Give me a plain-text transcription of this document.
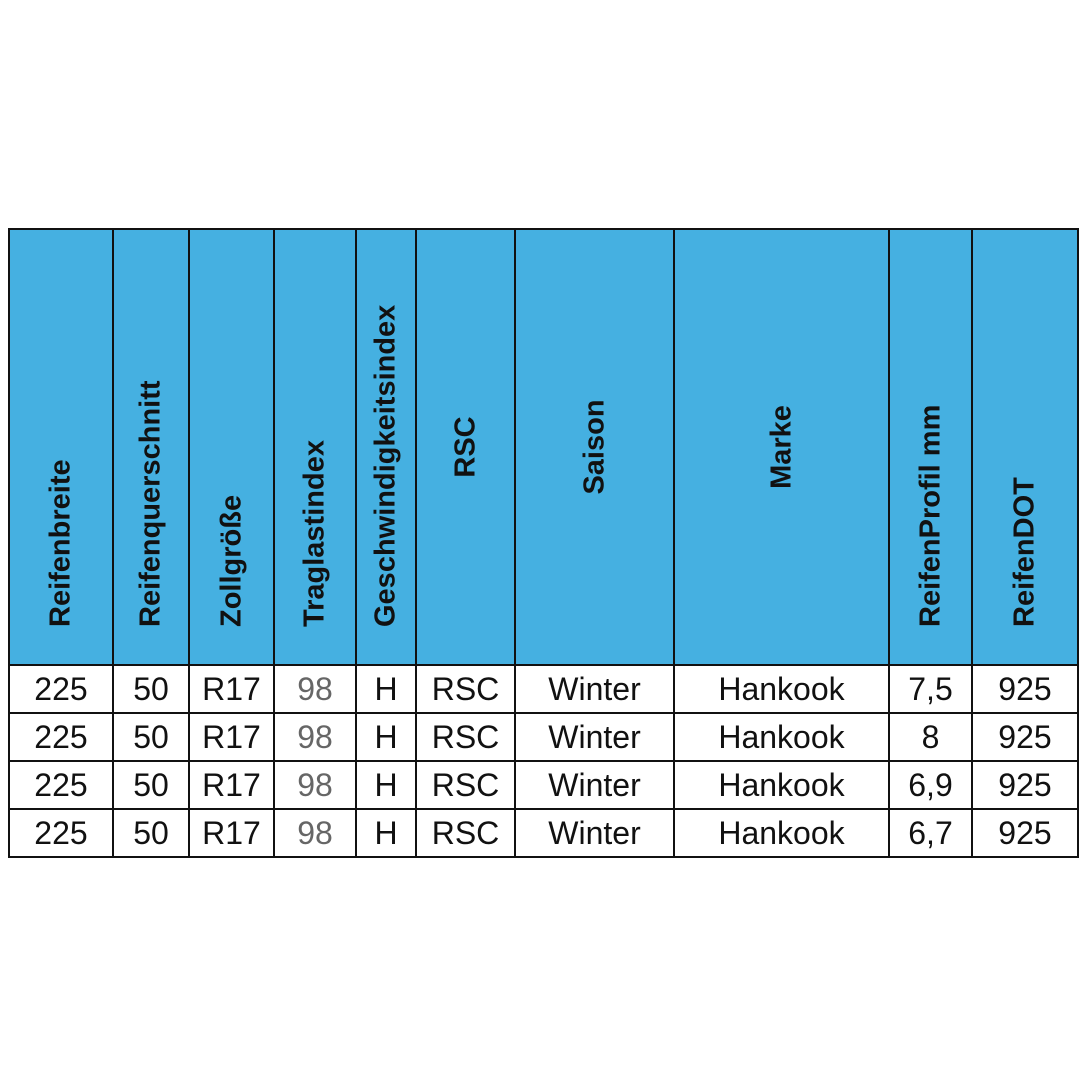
Reifenbreite	Reifenquerschnitt	Zollgröße	Traglastindex	Geschwindigkeitsindex	RSC	Saison	Marke	ReifenProfil mm	ReifenDOT

225	50	R17	98	H	RSC	Winter	Hankook	7,5	925
225	50	R17	98	H	RSC	Winter	Hankook	8	925
225	50	R17	98	H	RSC	Winter	Hankook	6,9	925
225	50	R17	98	H	RSC	Winter	Hankook	6,7	925
